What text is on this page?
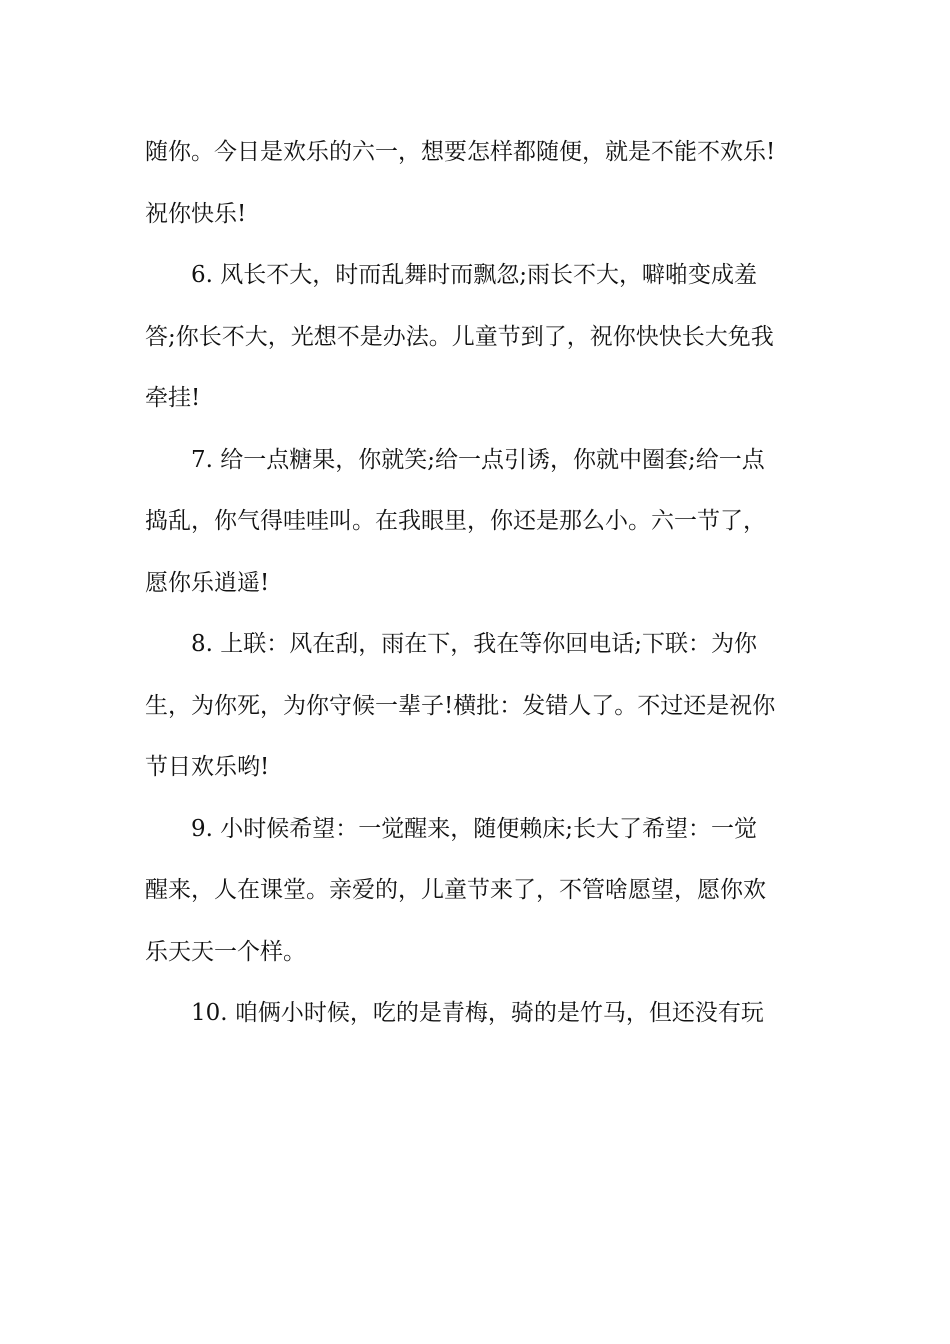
随你。今日是欢乐的六一，想要怎样都随便，就是不能不欢乐!
祝你快乐!
6. 风长不大，时而乱舞时而飘忽;雨长不大，噼啪变成羞
答;你长不大，光想不是办法。儿童节到了，祝你快快长大免我
牵挂!
7. 给一点糖果，你就笑;给一点引诱，你就中圈套;给一点
捣乱，你气得哇哇叫。在我眼里，你还是那么小。六一节了，
愿你乐逍遥!
8. 上联：风在刮，雨在下，我在等你回电话;下联：为你
生，为你死，为你守候一辈子!横批：发错人了。不过还是祝你
节日欢乐哟!
9. 小时候希望：一觉醒来，随便赖床;长大了希望：一觉
醒来，人在课堂。亲爱的，儿童节来了，不管啥愿望，愿你欢
乐天天一个样。
10. 咱俩小时候，吃的是青梅，骑的是竹马，但还没有玩
